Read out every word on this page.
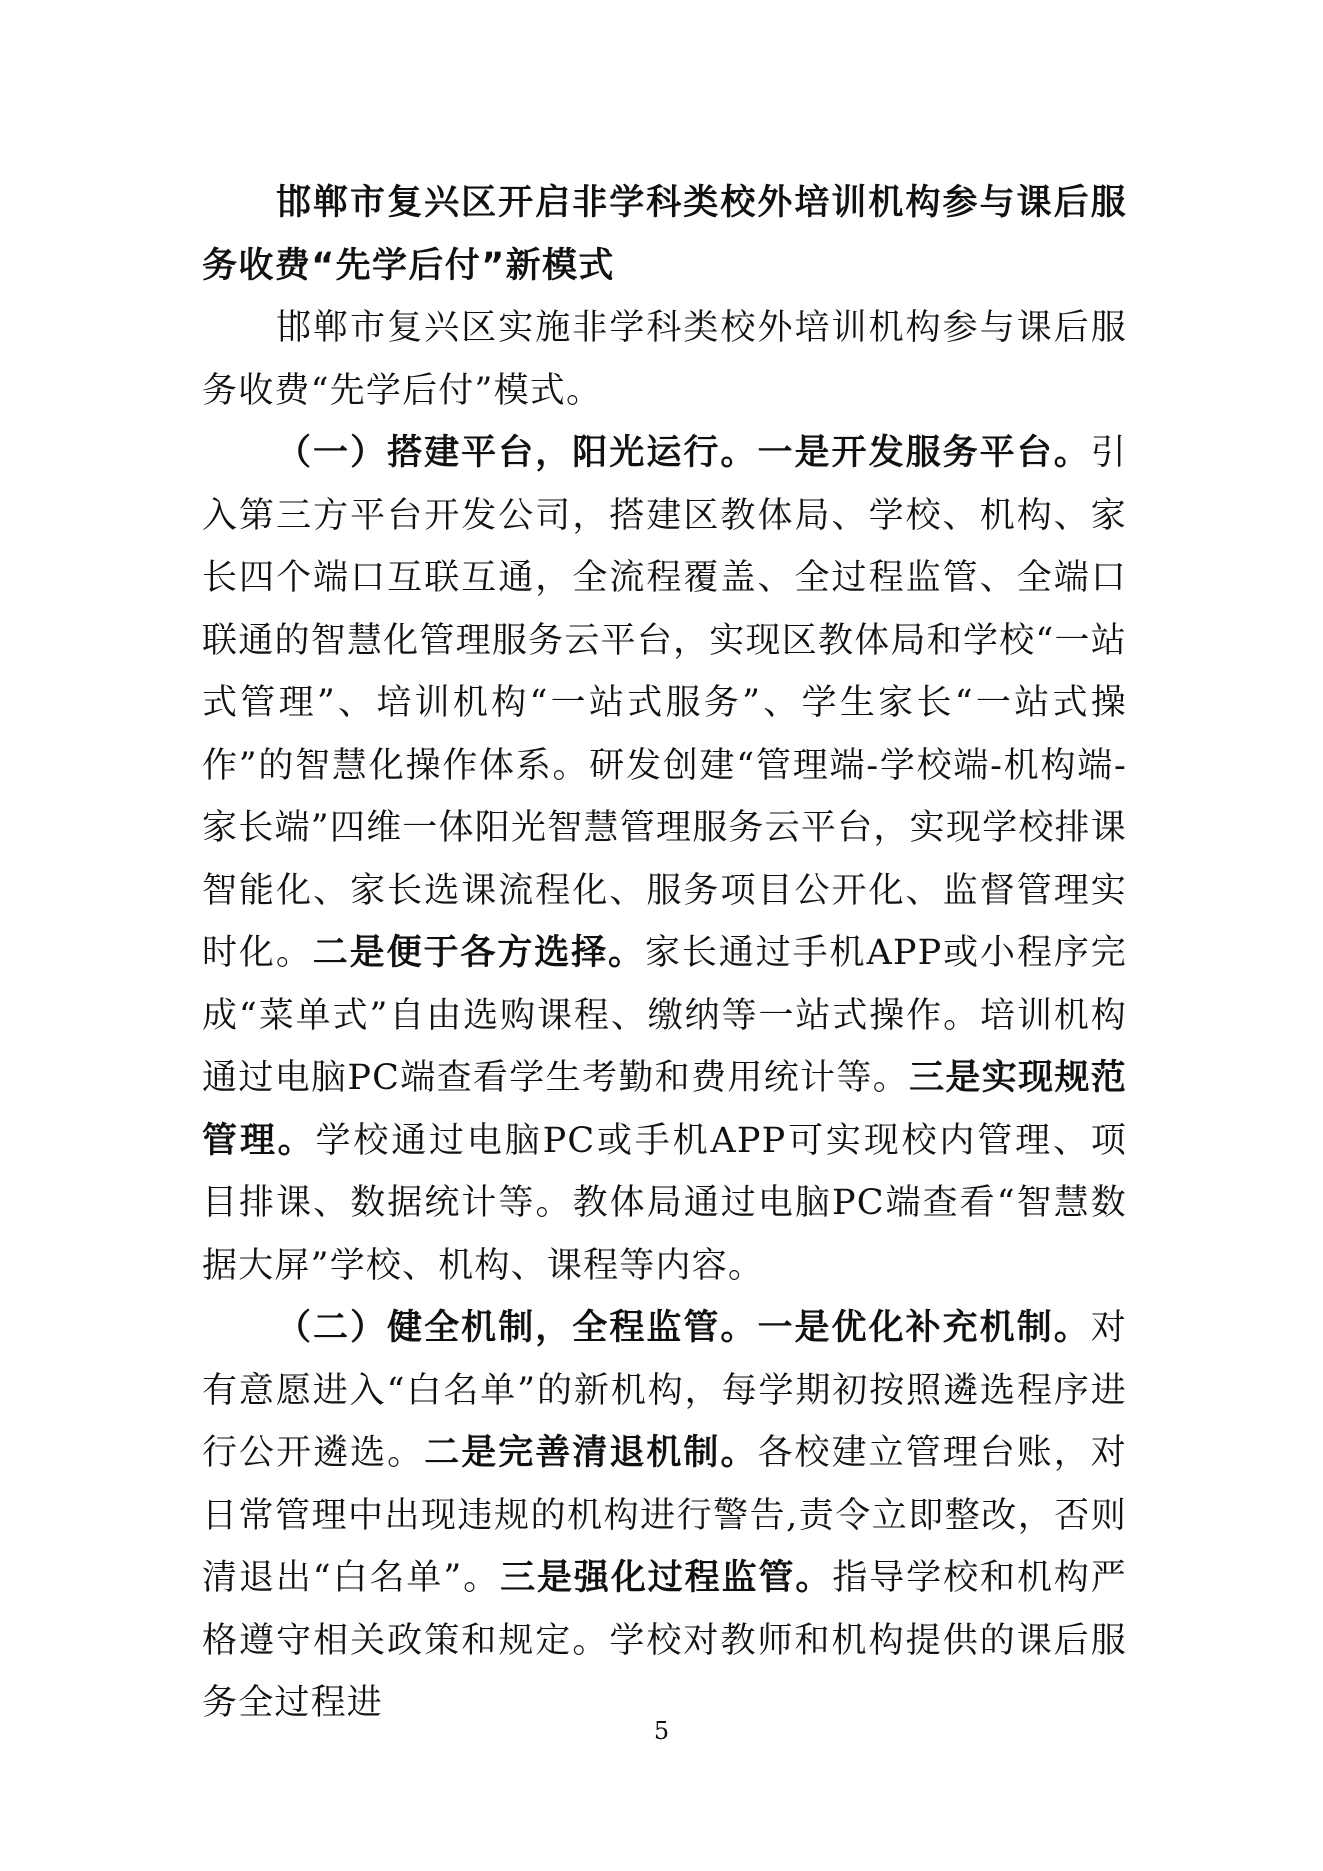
邯郸市复兴区开启非学科类校外培训机构参与课后服务收费“先学后付”新模式

邯郸市复兴区实施非学科类校外培训机构参与课后服务收费“先学后付”模式。

（一）搭建平台，阳光运行。一是开发服务平台。引入第三方平台开发公司，搭建区教体局、学校、机构、家长四个端口互联互通，全流程覆盖、全过程监管、全端口联通的智慧化管理服务云平台，实现区教体局和学校“一站式管理”、培训机构“一站式服务”、学生家长“一站式操作”的智慧化操作体系。研发创建“管理端-学校端-机构端-家长端”四维一体阳光智慧管理服务云平台，实现学校排课智能化、家长选课流程化、服务项目公开化、监督管理实时化。二是便于各方选择。家长通过手机APP或小程序完成“菜单式”自由选购课程、缴纳等一站式操作。培训机构通过电脑PC端查看学生考勤和费用统计等。三是实现规范管理。学校通过电脑PC或手机APP可实现校内管理、项目排课、数据统计等。教体局通过电脑PC端查看“智慧数据大屏”学校、机构、课程等内容。

（二）健全机制，全程监管。一是优化补充机制。对有意愿进入“白名单”的新机构，每学期初按照遴选程序进行公开遴选。二是完善清退机制。各校建立管理台账，对日常管理中出现违规的机构进行警告,责令立即整改，否则清退出“白名单”。三是强化过程监管。指导学校和机构严格遵守相关政策和规定。学校对教师和机构提供的课后服务全过程进

5
